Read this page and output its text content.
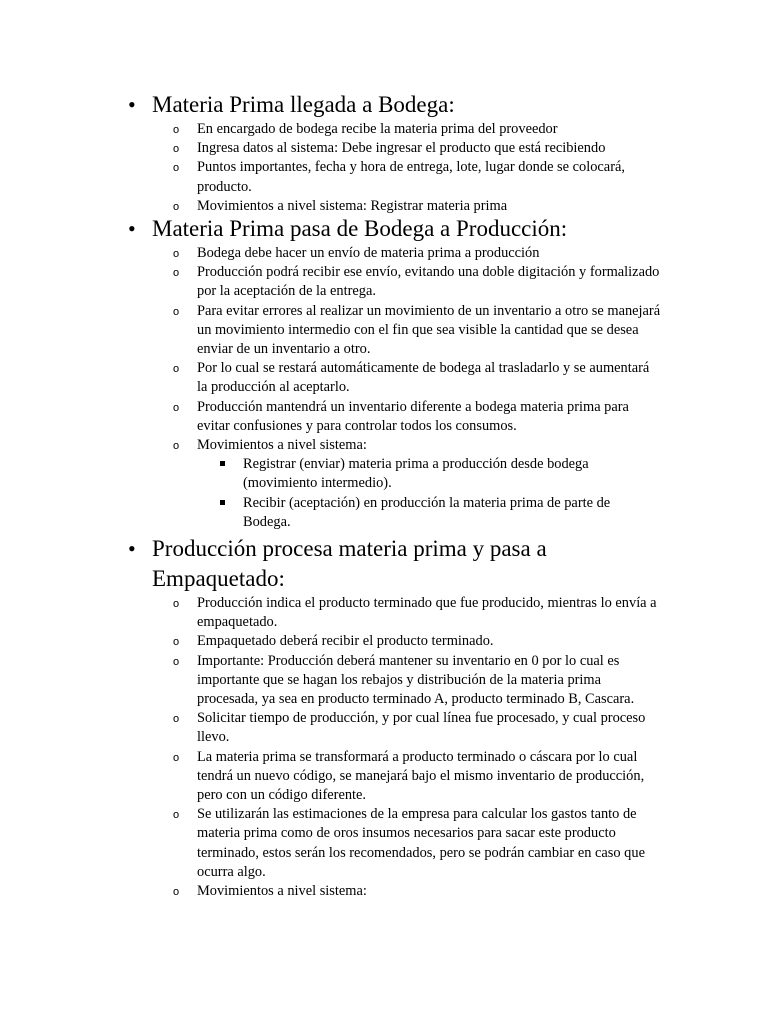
• Materia Prima llegada a Bodega:
o En encargado de bodega recibe la materia prima del proveedor
o Ingresa datos al sistema: Debe ingresar el producto que está recibiendo
o Puntos importantes, fecha y hora de entrega, lote, lugar donde se colocará, producto.
o Movimientos a nivel sistema: Registrar materia prima
• Materia Prima pasa de Bodega a Producción:
o Bodega debe hacer un envío de materia prima a producción
o Producción podrá recibir ese envío, evitando una doble digitación y formalizado por la aceptación de la entrega.
o Para evitar errores al realizar un movimiento de un inventario a otro se manejará un movimiento intermedio con el fin que sea visible la cantidad que se desea enviar de un inventario a otro.
o Por lo cual se restará automáticamente de bodega al trasladarlo y se aumentará la producción al aceptarlo.
o Producción mantendrá un inventario diferente a bodega materia prima para evitar confusiones y para controlar todos los consumos.
o Movimientos a nivel sistema:
Registrar (enviar) materia prima a producción desde bodega (movimiento intermedio).
Recibir (aceptación) en producción la materia prima de parte de Bodega.
• Producción procesa materia prima y pasa a Empaquetado:
o Producción indica el producto terminado que fue producido, mientras lo envía a empaquetado.
o Empaquetado deberá recibir el producto terminado.
o Importante: Producción deberá mantener su inventario en 0 por lo cual es importante que se hagan los rebajos y distribución de la materia prima procesada, ya sea en producto terminado A, producto terminado B, Cascara.
o Solicitar tiempo de producción, y por cual línea fue procesado, y cual proceso llevo.
o La materia prima se transformará a producto terminado o cáscara por lo cual tendrá un nuevo código, se manejará bajo el mismo inventario de producción, pero con un código diferente.
o Se utilizarán las estimaciones de la empresa para calcular los gastos tanto de materia prima como de oros insumos necesarios para sacar este producto terminado, estos serán los recomendados, pero se podrán cambiar en caso que ocurra algo.
o Movimientos a nivel sistema:
